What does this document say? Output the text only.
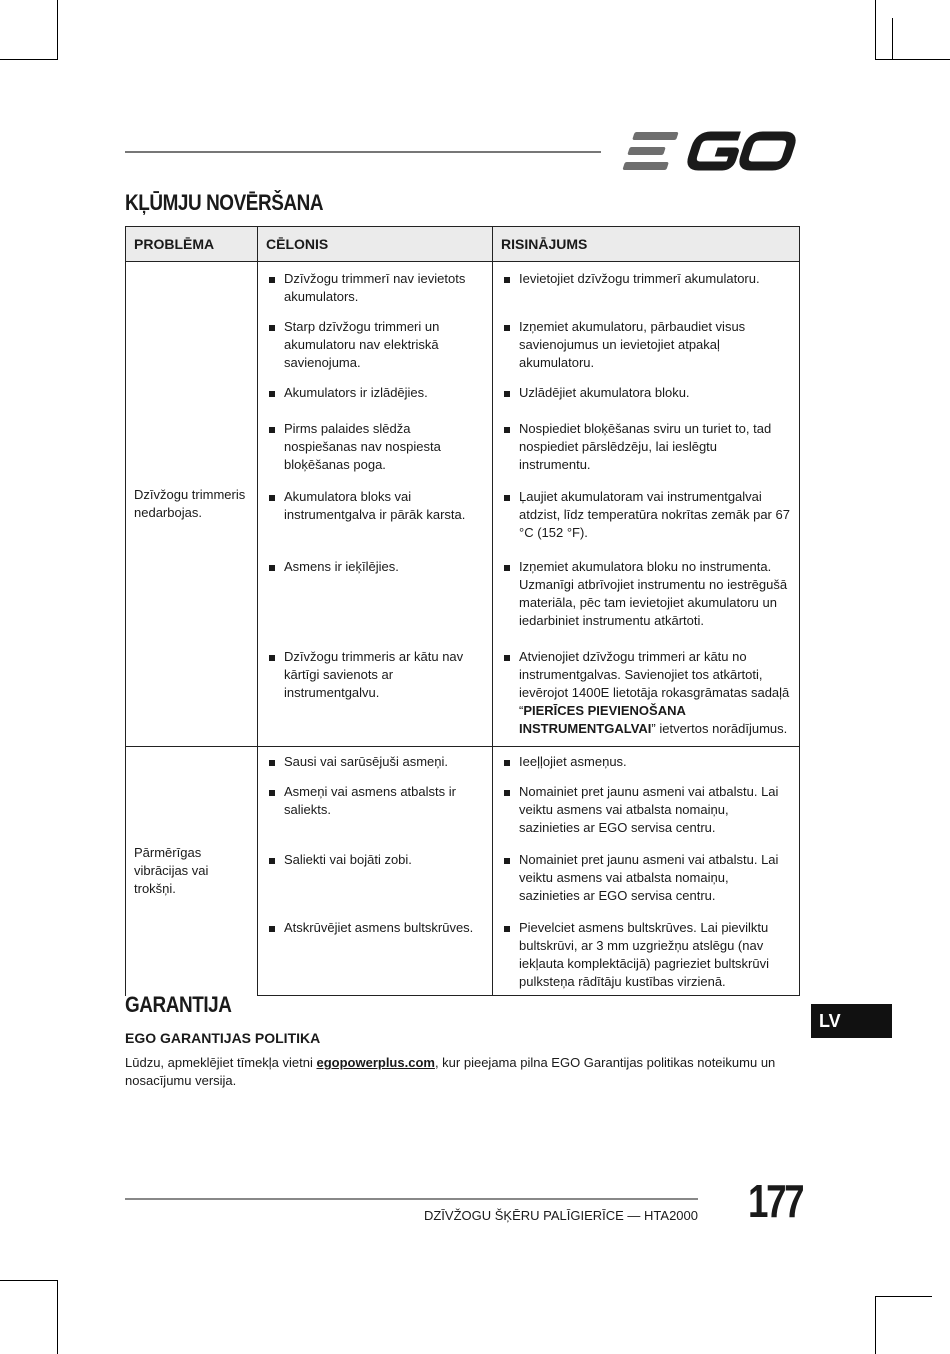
KĻŪMJU NOVĒRŠANA
PROBLĒMA	CĒLONIS	RISINĀJUMS
Dzīvžogu trimmeris nedarbojas.	Dzīvžogu trimmerī nav ievietots akumulators.	Ievietojiet dzīvžogu trimmerī akumulatoru.

Starp dzīvžogu trimmeri un akumulatoru nav elektriskā savienojuma.	Izņemiet akumulatoru, pārbaudiet visus savienojumus un ievietojiet atpakaļ akumulatoru.

Akumulators ir izlādējies.	Uzlādējiet akumulatora bloku.

Pirms palaides slēdža nospiešanas nav nospiesta bloķēšanas poga.	Nospiediet bloķēšanas sviru un turiet to, tad nospiediet pārslēdzēju, lai ieslēgtu instrumentu.

Akumulatora bloks vai instrumentgalva ir pārāk karsta.	Ļaujiet akumulatoram vai instrumentgalvai atdzist, līdz temperatūra nokrītas zemāk par 67 °C (152 °F).

Asmens ir ieķīlējies.	Izņemiet akumulatora bloku no instrumenta. Uzmanīgi atbrīvojiet instrumentu no iestrēgušā materiāla, pēc tam ievietojiet akumulatoru un iedarbiniet instrumentu atkārtoti.

Dzīvžogu trimmeris ar kātu nav kārtīgi savienots ar instrumentgalvu.	Atvienojiet dzīvžogu trimmeri ar kātu no instrumentgalvas. Savienojiet tos atkārtoti, ievērojot 1400E lietotāja rokasgrāmatas sadaļā “PIERĪCES PIEVIENOŠANA INSTRUMENTGALVAI” ietvertos norādījumus.

Pārmērīgas vibrācijas vai trokšņi.	Sausi vai sarūsējuši asmeņi.	Ieeļļojiet asmeņus.

Asmeņi vai asmens atbalsts ir saliekts.	Nomainiet pret jaunu asmeni vai atbalstu. Lai veiktu asmens vai atbalsta nomaiņu, sazinieties ar EGO servisa centru.

Saliekti vai bojāti zobi.	Nomainiet pret jaunu asmeni vai atbalstu. Lai veiktu asmens vai atbalsta nomaiņu, sazinieties ar EGO servisa centru.

Atskrūvējiet asmens bultskrūves.	Pievelciet asmens bultskrūves. Lai pievilktu bultskrūvi, ar 3 mm uzgriežņu atslēgu (nav iekļauta komplektācijā) pagrieziet bultskrūvi pulksteņa rādītāju kustības virzienā.
GARANTIJA
LV
EGO GARANTIJAS POLITIKA

Lūdzu, apmeklējiet tīmekļa vietni egopowerplus.com, kur pieejama pilna EGO Garantijas politikas noteikumu un nosacījumu versija.

DZĪVŽOGU ŠĶĒRU PALĪGIERĪCE — HTA2000 177
